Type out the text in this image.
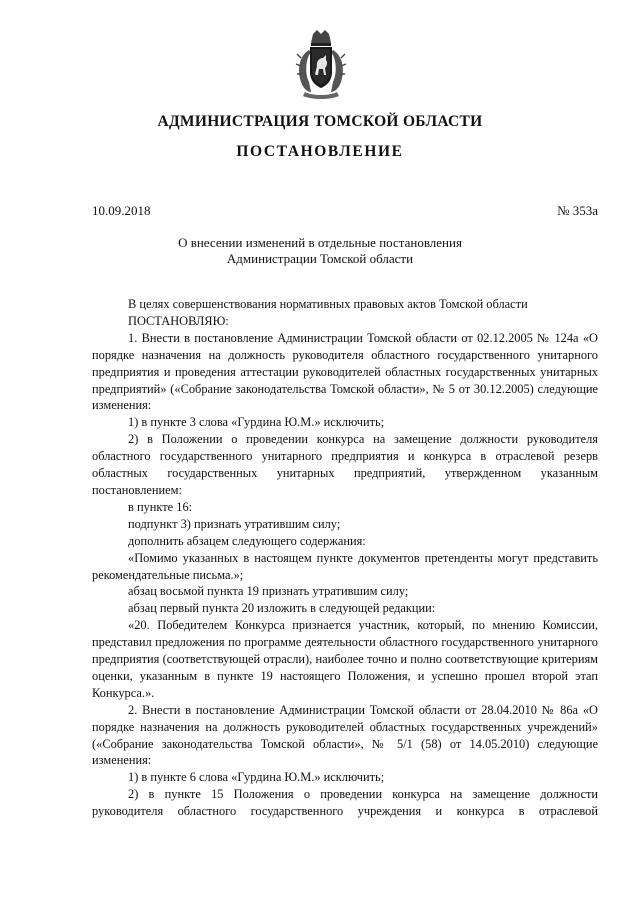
АДМИНИСТРАЦИЯ ТОМСКОЙ ОБЛАСТИ
ПОСТАНОВЛЕНИЕ
10.09.2018	№ 353а
О внесении изменений в отдельные постановления
Администрации Томской области

В целях совершенствования нормативных правовых актов Томской области

ПОСТАНОВЛЯЮ:

1. Внести в постановление Администрации Томской области от 02.12.2005 № 124а «О порядке назначения на должность руководителя областного государственного унитарного предприятия и проведения аттестации руководителей областных государственных унитарных предприятий» («Собрание законодательства Томской области», № 5 от 30.12.2005) следующие изменения:

1) в пункте 3 слова «Гурдина Ю.М.» исключить;

2) в Положении о проведении конкурса на замещение должности руководителя областного государственного унитарного предприятия и конкурса в отраслевой резерв областных государственных унитарных предприятий, утвержденном указанным постановлением:

в пункте 16:

подпункт 3) признать утратившим силу;

дополнить абзацем следующего содержания:

«Помимо указанных в настоящем пункте документов претенденты могут представить рекомендательные письма.»;

абзац восьмой пункта 19 признать утратившим силу;

абзац первый пункта 20 изложить в следующей редакции:

«20. Победителем Конкурса признается участник, который, по мнению Комиссии, представил предложения по программе деятельности областного государственного унитарного предприятия (соответствующей отрасли), наиболее точно и полно соответствующие критериям оценки, указанным в пункте 19 настоящего Положения, и успешно прошел второй этап Конкурса.».

2. Внести в постановление Администрации Томской области от 28.04.2010 № 86а «О порядке назначения на должность руководителей областных государственных учреждений» («Собрание законодательства Томской области», № 5/1 (58) от 14.05.2010) следующие изменения:

1) в пункте 6 слова «Гурдина Ю.М.» исключить;

2) в пункте 15 Положения о проведении конкурса на замещение должности руководителя областного государственного учреждения и конкурса в отраслевой
